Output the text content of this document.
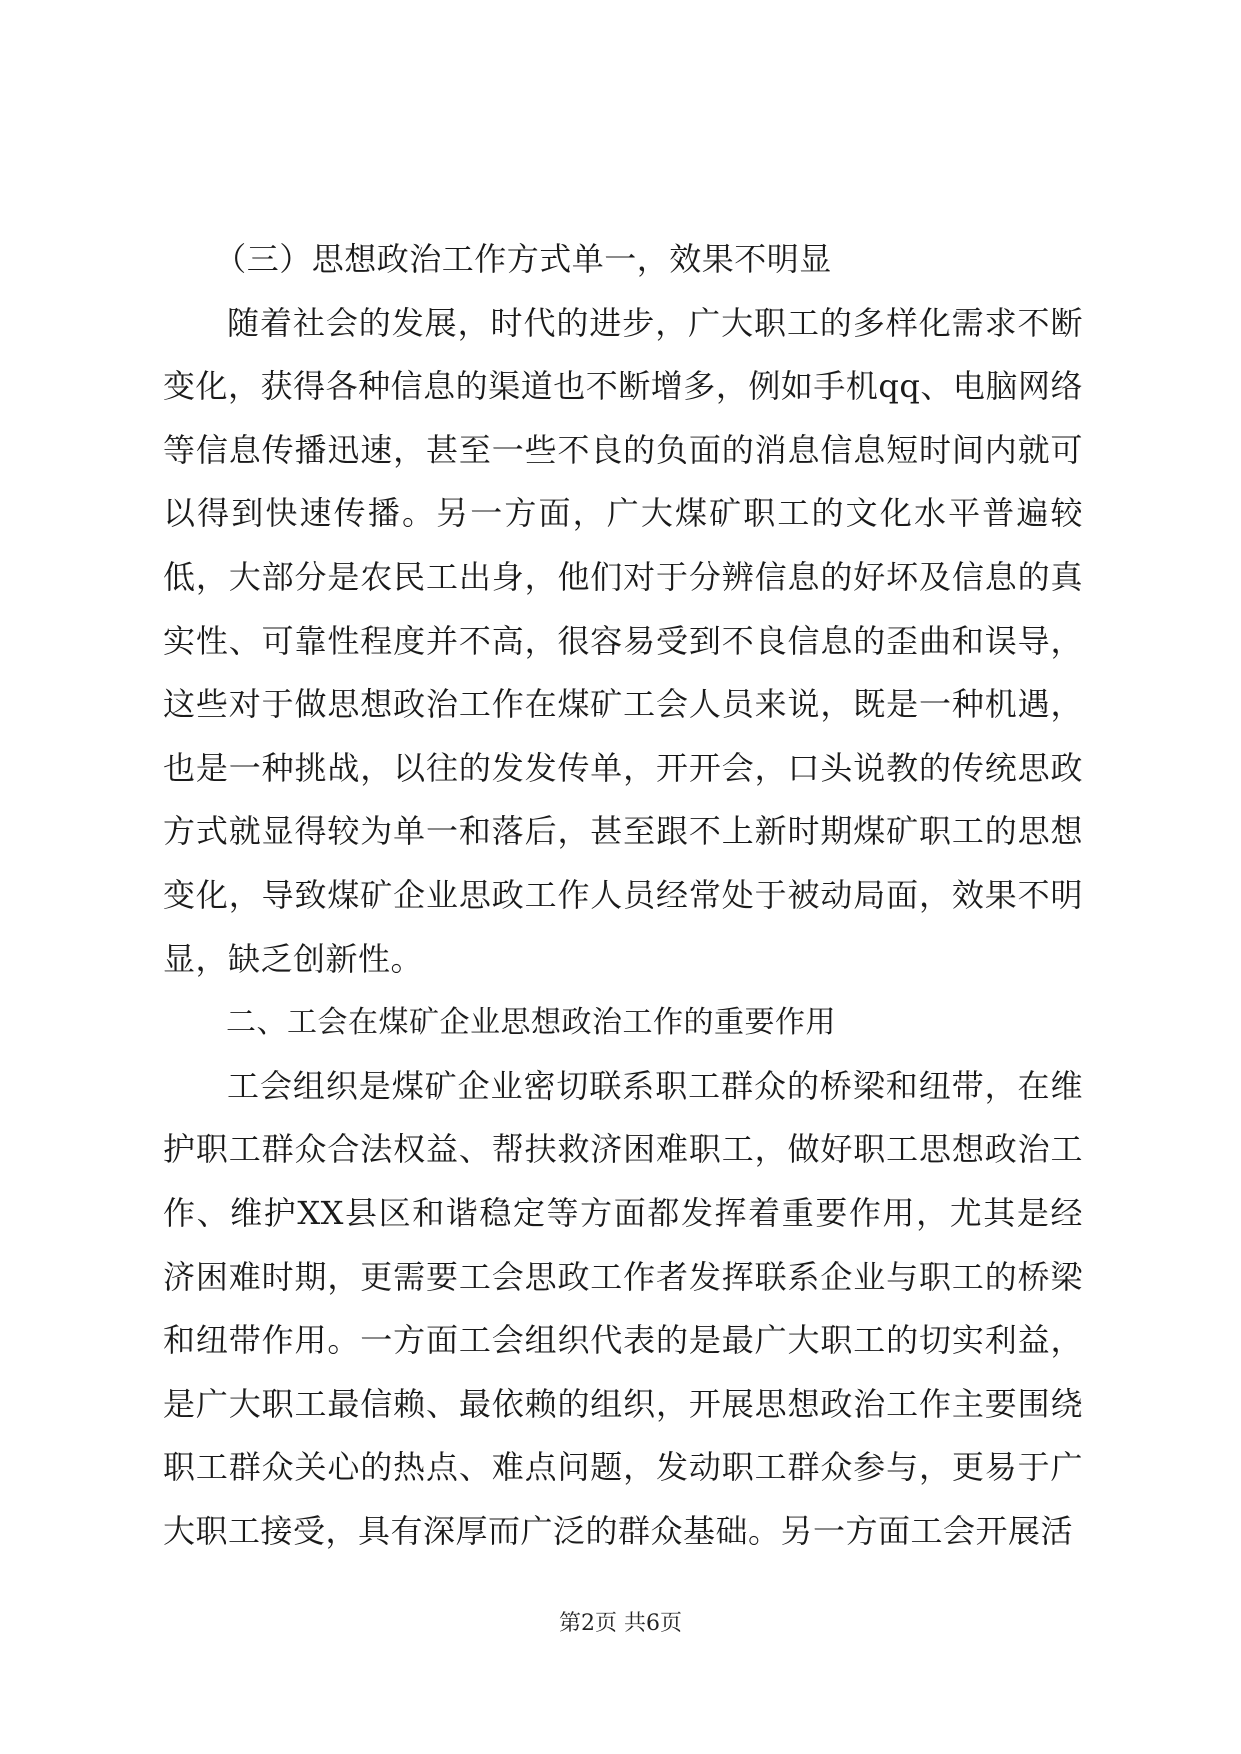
（三）思想政治工作方式单一，效果不明显

随着社会的发展，时代的进步，广大职工的多样化需求不断变化，获得各种信息的渠道也不断增多，例如手机qq、电脑网络等信息传播迅速，甚至一些不良的负面的消息信息短时间内就可以得到快速传播。另一方面，广大煤矿职工的文化水平普遍较低，大部分是农民工出身，他们对于分辨信息的好坏及信息的真实性、可靠性程度并不高，很容易受到不良信息的歪曲和误导，这些对于做思想政治工作在煤矿工会人员来说，既是一种机遇，也是一种挑战，以往的发发传单，开开会，口头说教的传统思政方式就显得较为单一和落后，甚至跟不上新时期煤矿职工的思想变化，导致煤矿企业思政工作人员经常处于被动局面，效果不明显，缺乏创新性。

二、工会在煤矿企业思想政治工作的重要作用

工会组织是煤矿企业密切联系职工群众的桥梁和纽带，在维护职工群众合法权益、帮扶救济困难职工，做好职工思想政治工作、维护XX县区和谐稳定等方面都发挥着重要作用，尤其是经济困难时期，更需要工会思政工作者发挥联系企业与职工的桥梁和纽带作用。一方面工会组织代表的是最广大职工的切实利益，是广大职工最信赖、最依赖的组织，开展思想政治工作主要围绕职工群众关心的热点、难点问题，发动职工群众参与，更易于广大职工接受，具有深厚而广泛的群众基础。另一方面工会开展活

第2页 共6页
